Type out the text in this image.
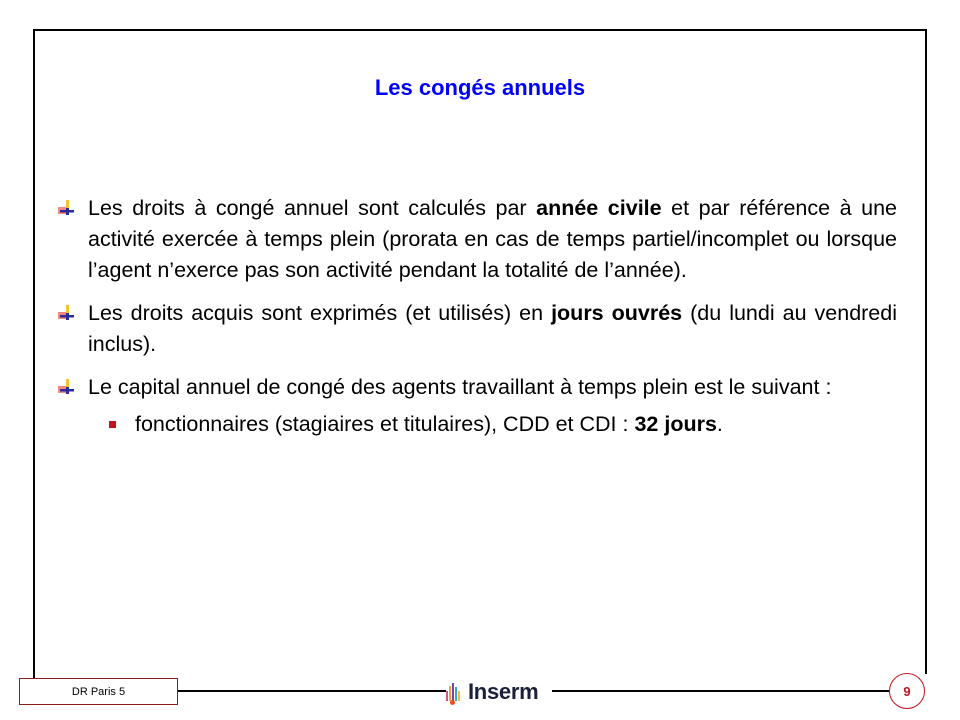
Les congés annuels
Les droits à congé annuel sont calculés par année civile et par référence à une activité exercée à temps plein (prorata en cas de temps partiel/incomplet ou lorsque l’agent n’exerce pas son activité pendant la totalité de l’année).
Les droits acquis sont exprimés (et utilisés) en jours ouvrés (du lundi au vendredi inclus).
Le capital annuel de congé des agents travaillant à temps plein est le suivant :
fonctionnaires (stagiaires et titulaires), CDD et CDI : 32 jours.
DR Paris 5	Inserm	9
